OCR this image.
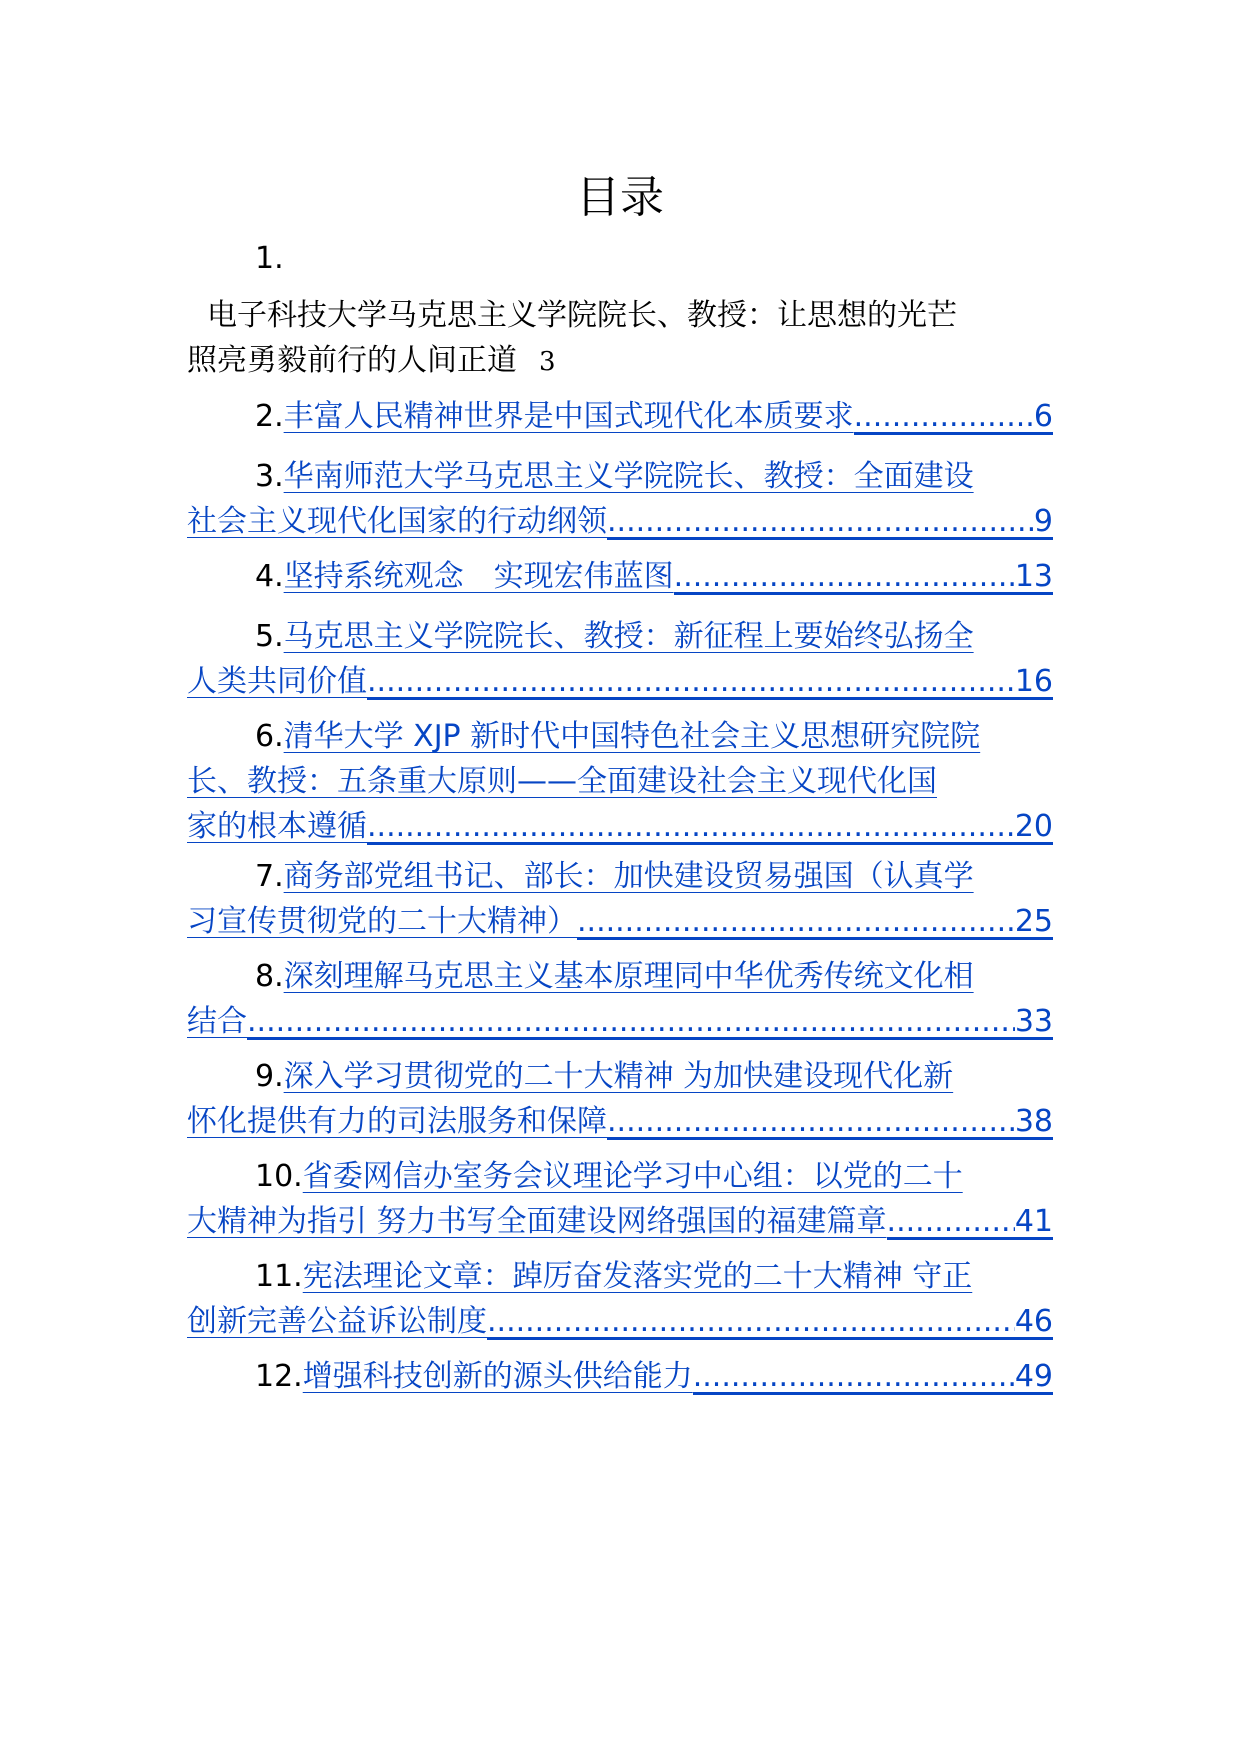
目录
1.
电子科技大学马克思主义学院院长、教授：让思想的光芒
照亮勇毅前行的人间正道 3
2. 丰富人民精神世界是中国式现代化本质要求 .....	6
3. 华南师范大学马克思主义学院院长、教授：全面建设
社会主义现代化国家的行动纲领 .....	9
4. 坚持系统观念　实现宏伟蓝图 .....	13
5. 马克思主义学院院长、教授：新征程上要始终弘扬全
人类共同价值 .....	16
6. 清华大学 XJP 新时代中国特色社会主义思想研究院院
长、教授：五条重大原则——全面建设社会主义现代化国
家的根本遵循 .....	20
7. 商务部党组书记、部长：加快建设贸易强国（认真学
习宣传贯彻党的二十大精神） .....	25
8. 深刻理解马克思主义基本原理同中华优秀传统文化相
结合 .....	33
9. 深入学习贯彻党的二十大精神 为加快建设现代化新
怀化提供有力的司法服务和保障 .....	38
10. 省委网信办室务会议理论学习中心组：以党的二十
大精神为指引 努力书写全面建设网络强国的福建篇章 .....	41
11. 宪法理论文章：踔厉奋发落实党的二十大精神 守正
创新完善公益诉讼制度 .....	46
12. 增强科技创新的源头供给能力 .....	49
